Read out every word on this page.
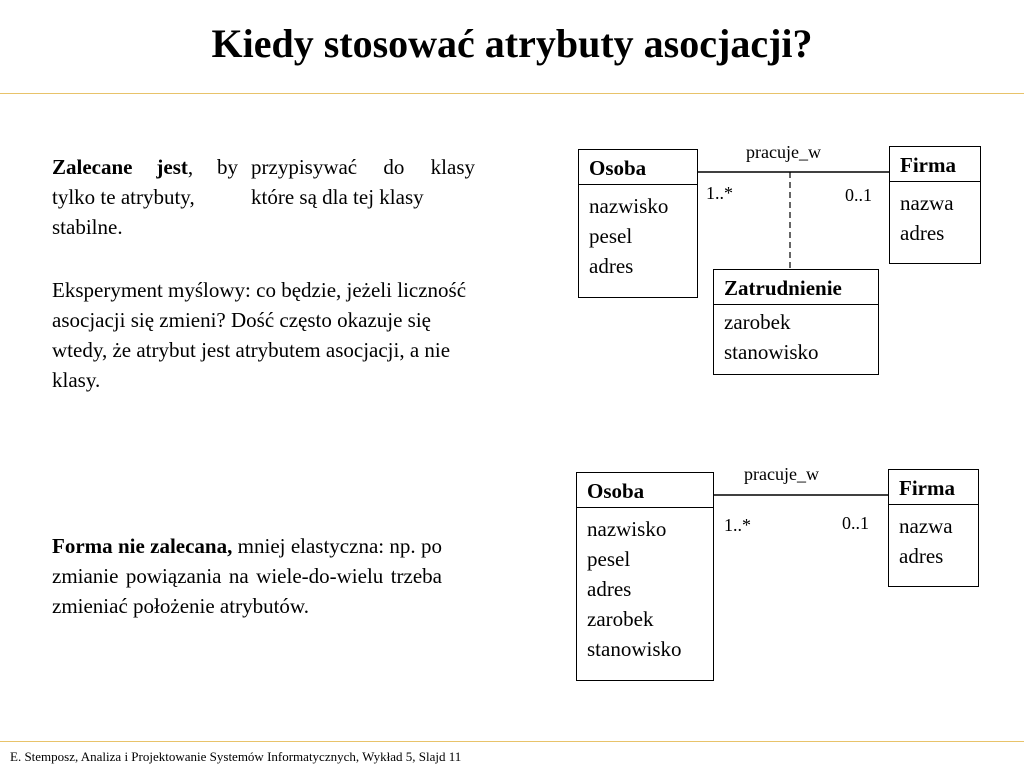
Kiedy stosować atrybuty asocjacji?
Zalecane jest, by tylko te atrybuty,
przypisywać do klasy które są dla tej klasy
stabilne.
Eksperyment myślowy: co będzie, jeżeli liczność asocjacji się zmieni? Dość często okazuje się wtedy, że atrybut jest atrybutem asocjacji, a nie klasy.
Forma nie zalecana, mniej elastyczna: np. po zmianie powiązania na wiele-do-wielu trzeba zmieniać położenie atrybutów.
Osoba
nazwisko
pesel
adres
Firma
nazwa
adres
Zatrudnienie
zarobek
stanowisko
pracuje_w
1..*	0..1
Osoba
nazwisko
pesel
adres
zarobek
stanowisko
Firma
nazwa
adres
pracuje_w
1..*	0..1
E. Stemposz, Analiza i Projektowanie Systemów Informatycznych, Wykład 5, Slajd 11
